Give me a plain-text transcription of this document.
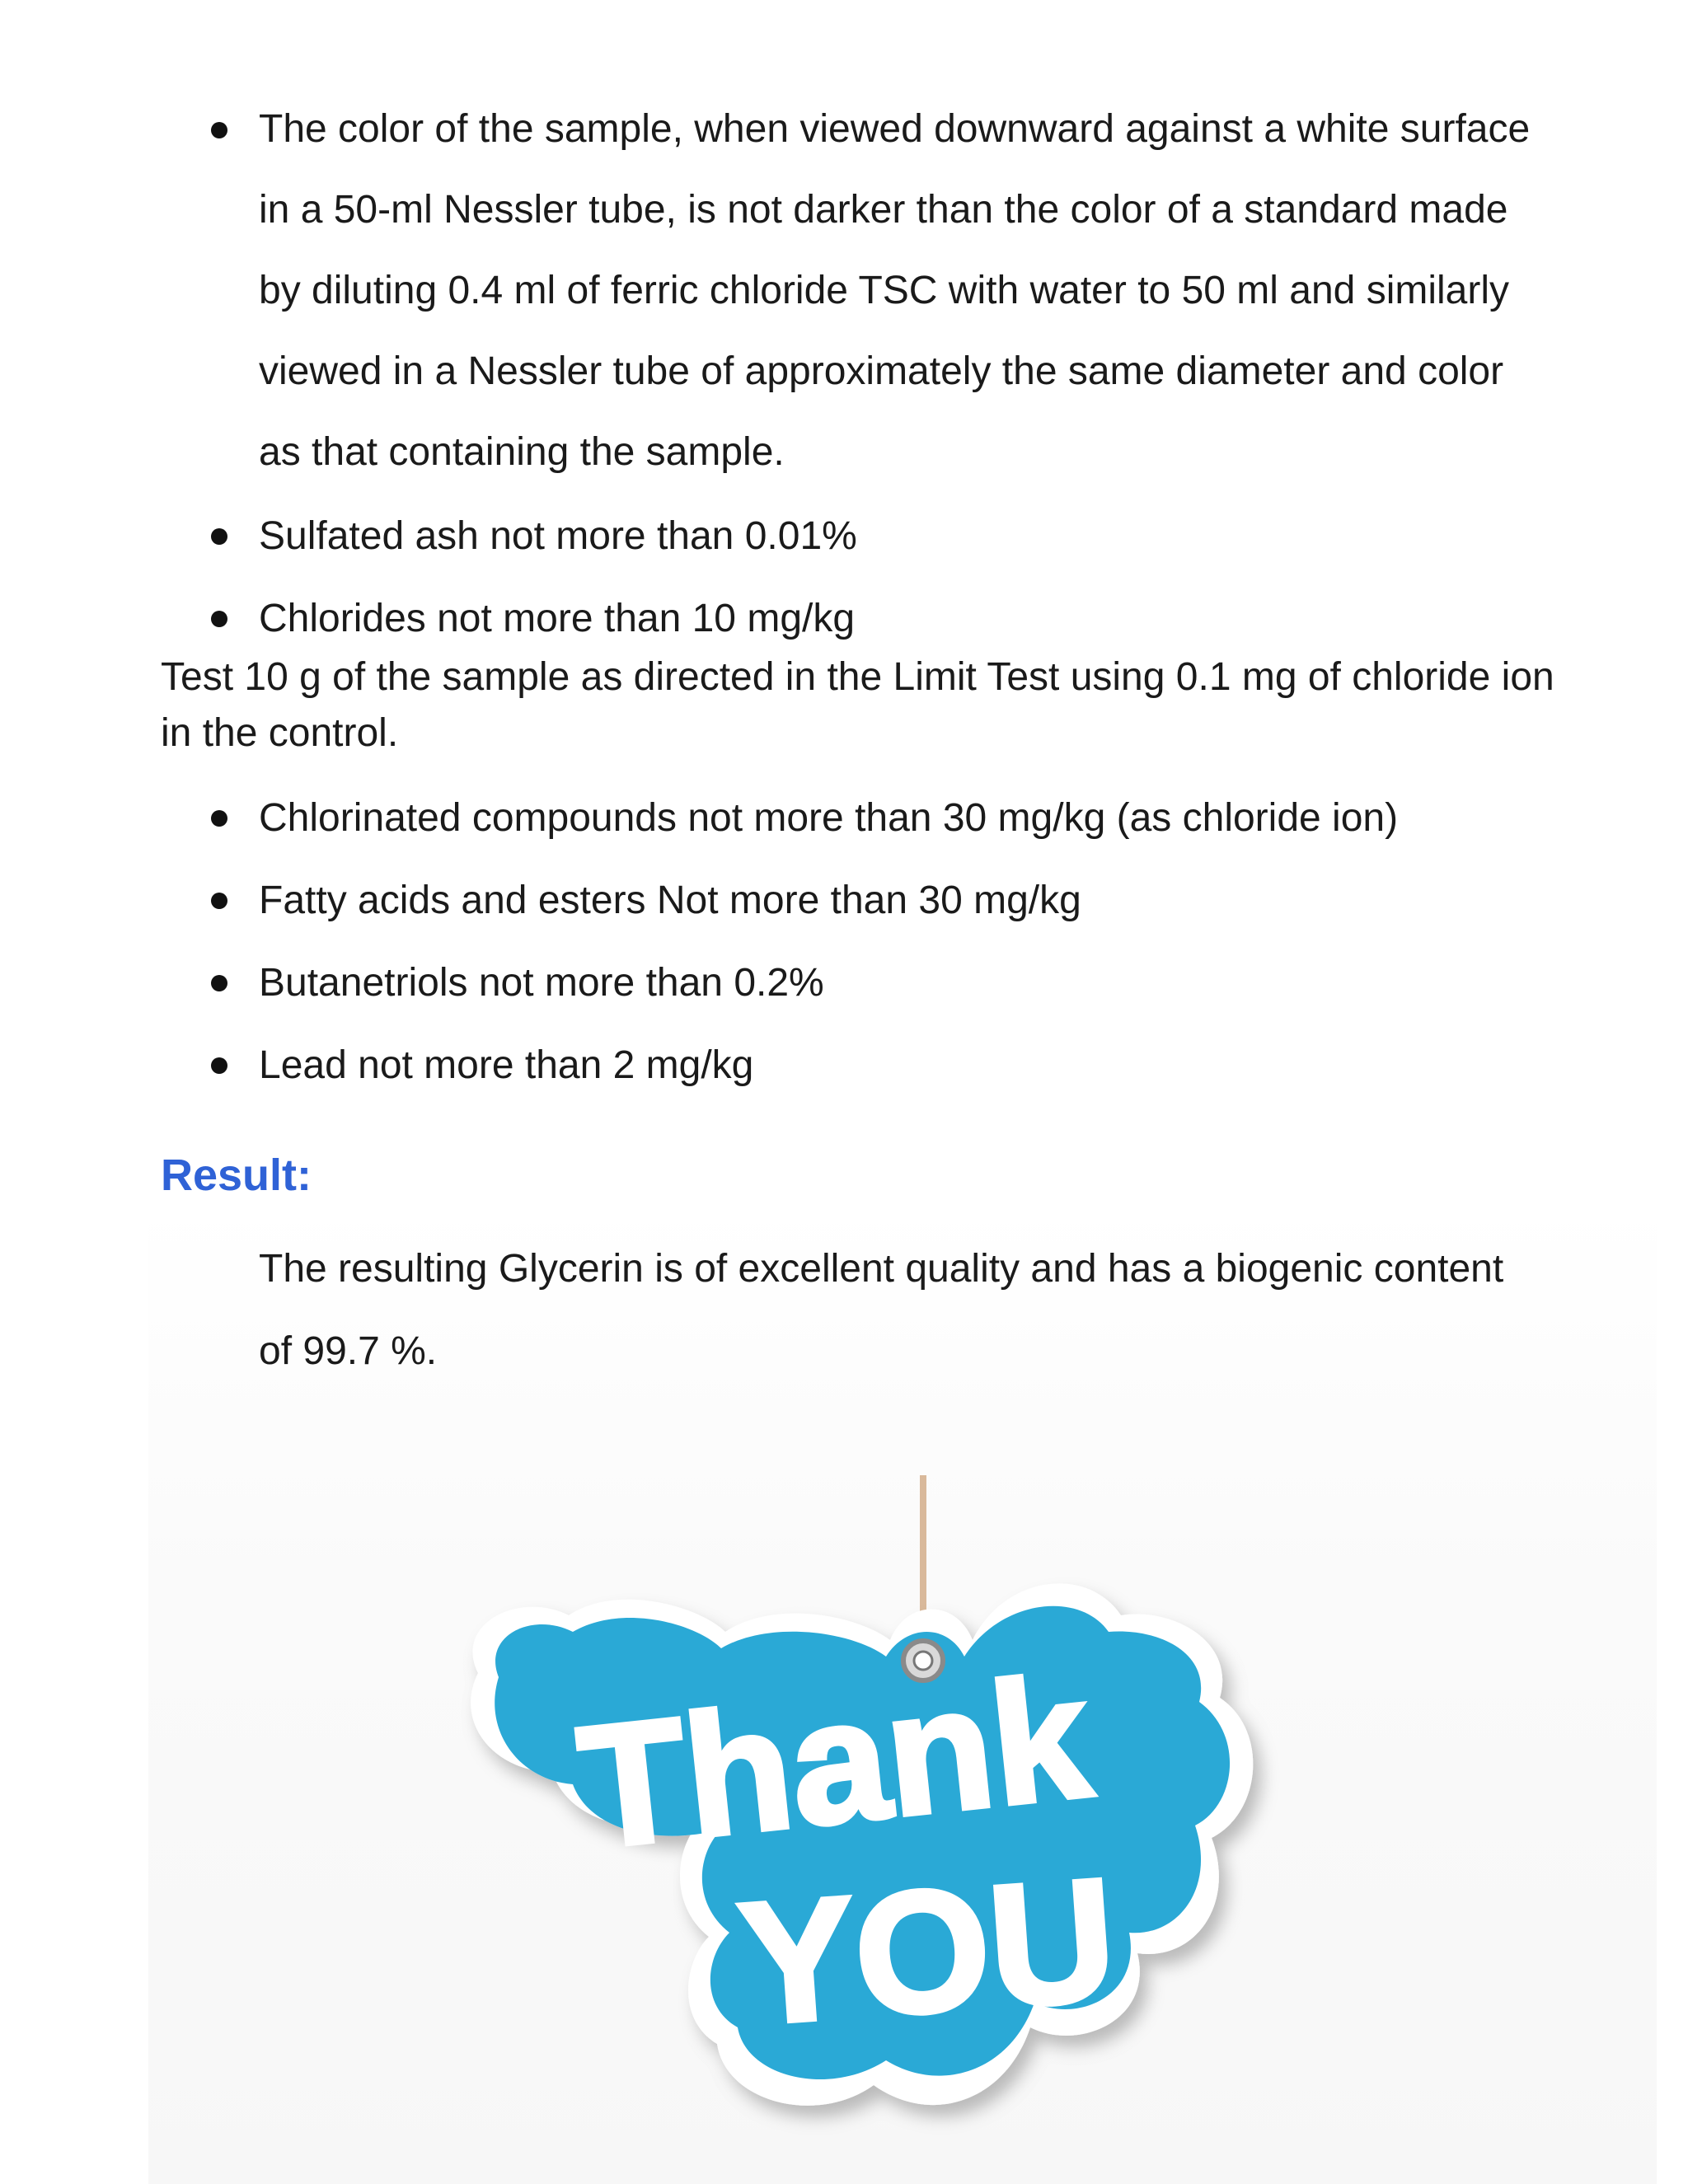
The color of the sample, when viewed downward against a white surface
in a 50-ml Nessler tube, is not darker than the color of a standard made
by diluting 0.4 ml of ferric chloride TSC with water to 50 ml and similarly
viewed in a Nessler tube of approximately the same diameter and color
as that containing the sample.
Sulfated ash not more than 0.01%
Chlorides not more than 10 mg/kg
Test 10 g of the sample as directed in the Limit Test using 0.1 mg of chloride ion
in the control.
Chlorinated compounds not more than 30 mg/kg (as chloride ion)
Fatty acids and esters Not more than 30 mg/kg
Butanetriols not more than 0.2%
Lead not more than 2 mg/kg
Result:
The resulting Glycerin is of excellent quality and has a biogenic content
of 99.7 %.
Thank
YOU
